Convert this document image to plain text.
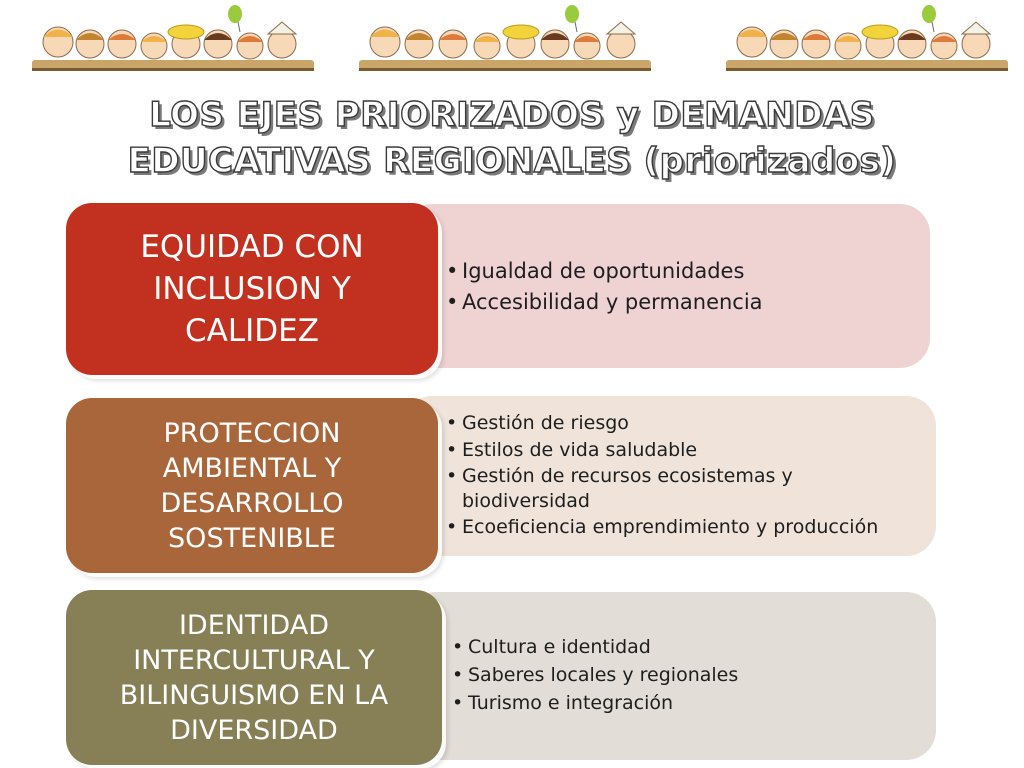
LOS EJES PRIORIZADOS y DEMANDAS
EDUCATIVAS REGIONALES (priorizados)
EQUIDAD CON
INCLUSION Y
CALIDEZ
• Igualdad de oportunidades
• Accesibilidad y permanencia
PROTECCION
AMBIENTAL Y
DESARROLLO
SOSTENIBLE
• Gestión de riesgo
• Estilos de vida saludable
• Gestión de recursos ecosistemas y biodiversidad
• Ecoeficiencia emprendimiento y producción
IDENTIDAD
INTERCULTURAL Y
BILINGUISMO EN LA
DIVERSIDAD
• Cultura e identidad
• Saberes locales y regionales
• Turismo e integración
